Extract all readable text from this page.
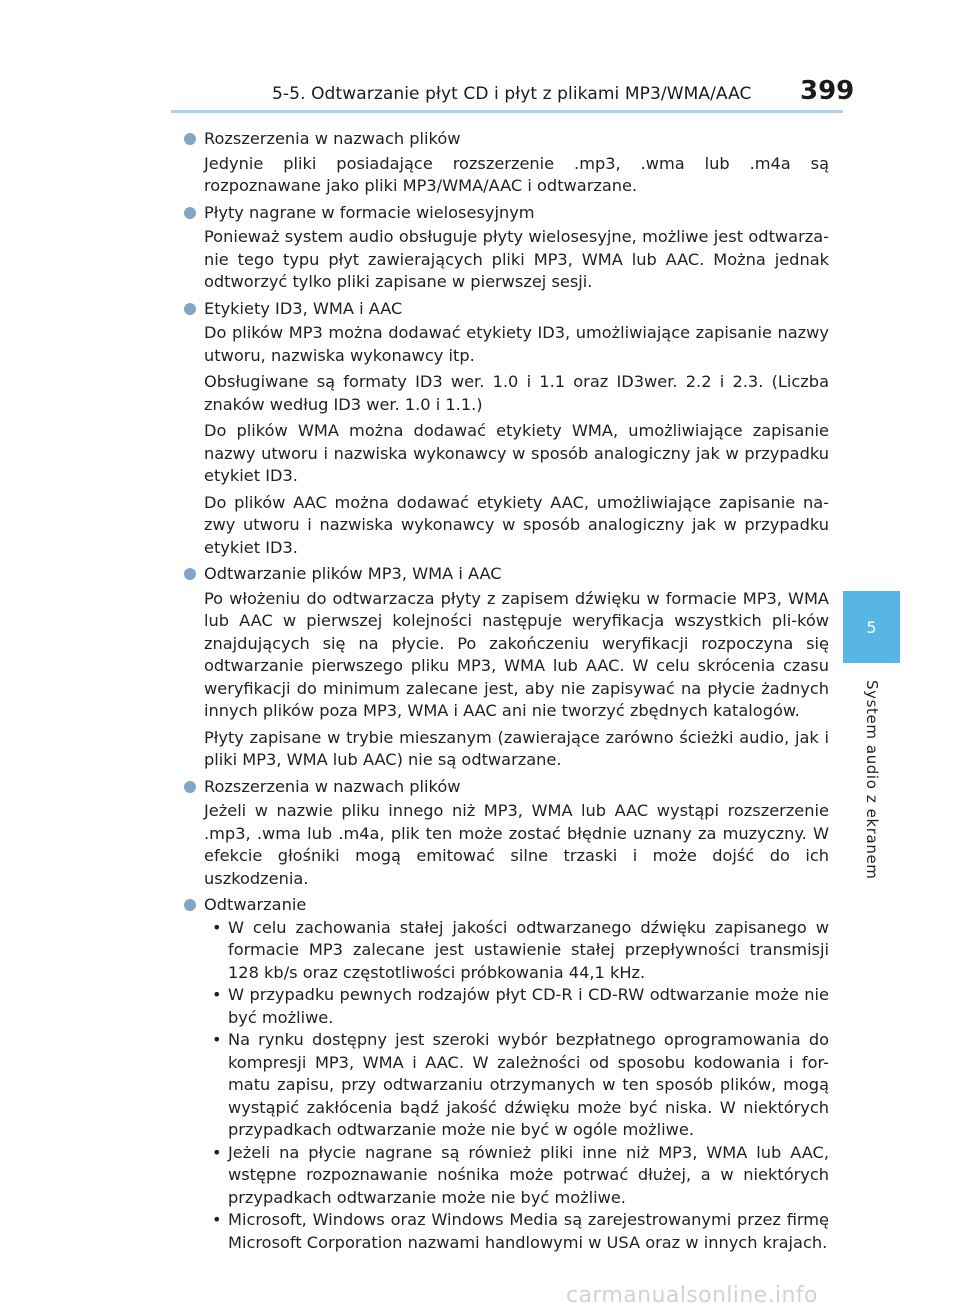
5-5. Odtwarzanie płyt CD i płyt z plikami MP3/WMA/AAC 399
5
System audio z ekranem
Rozszerzenia w nazwach plików
Jedynie pliki posiadające rozszerzenie .mp3, .wma lub .m4a są rozpoznawane jako pliki MP3/WMA/AAC i odtwarzane.
Płyty nagrane w formacie wielosesyjnym
Ponieważ system audio obsługuje płyty wielosesyjne, możliwe jest odtwarza-nie tego typu płyt zawierających pliki MP3, WMA lub AAC. Można jednak odtworzyć tylko pliki zapisane w pierwszej sesji.
Etykiety ID3, WMA i AAC
Do plików MP3 można dodawać etykiety ID3, umożliwiające zapisanie nazwy utworu, nazwiska wykonawcy itp.
Obsługiwane są formaty ID3 wer. 1.0 i 1.1 oraz ID3wer. 2.2 i 2.3. (Liczba znaków według ID3 wer. 1.0 i 1.1.)
Do plików WMA można dodawać etykiety WMA, umożliwiające zapisanie nazwy utworu i nazwiska wykonawcy w sposób analogiczny jak w przypadku etykiet ID3.
Do plików AAC można dodawać etykiety AAC, umożliwiające zapisanie na-zwy utworu i nazwiska wykonawcy w sposób analogiczny jak w przypadku etykiet ID3.
Odtwarzanie plików MP3, WMA i AAC
Po włożeniu do odtwarzacza płyty z zapisem dźwięku w formacie MP3, WMA lub AAC w pierwszej kolejności następuje weryfikacja wszystkich pli-ków znajdujących się na płycie. Po zakończeniu weryfikacji rozpoczyna się odtwarzanie pierwszego pliku MP3, WMA lub AAC. W celu skrócenia czasu weryfikacji do minimum zalecane jest, aby nie zapisywać na płycie żadnych innych plików poza MP3, WMA i AAC ani nie tworzyć zbędnych katalogów.
Płyty zapisane w trybie mieszanym (zawierające zarówno ścieżki audio, jak i pliki MP3, WMA lub AAC) nie są odtwarzane.
Rozszerzenia w nazwach plików
Jeżeli w nazwie pliku innego niż MP3, WMA lub AAC wystąpi rozszerzenie .mp3, .wma lub .m4a, plik ten może zostać błędnie uznany za muzyczny. W efekcie głośniki mogą emitować silne trzaski i może dojść do ich uszkodzenia.
Odtwarzanie
• W celu zachowania stałej jakości odtwarzanego dźwięku zapisanego w formacie MP3 zalecane jest ustawienie stałej przepływności transmisji 128 kb/s oraz częstotliwości próbkowania 44,1 kHz.
• W przypadku pewnych rodzajów płyt CD-R i CD-RW odtwarzanie może nie być możliwe.
• Na rynku dostępny jest szeroki wybór bezpłatnego oprogramowania do kompresji MP3, WMA i AAC. W zależności od sposobu kodowania i for-matu zapisu, przy odtwarzaniu otrzymanych w ten sposób plików, mogą wystąpić zakłócenia bądź jakość dźwięku może być niska. W niektórych przypadkach odtwarzanie może nie być w ogóle możliwe.
• Jeżeli na płycie nagrane są również pliki inne niż MP3, WMA lub AAC, wstępne rozpoznawanie nośnika może potrwać dłużej, a w niektórych przypadkach odtwarzanie może nie być możliwe.
• Microsoft, Windows oraz Windows Media są zarejestrowanymi przez firmę Microsoft Corporation nazwami handlowymi w USA oraz w innych krajach.
carmanualsonline.info
